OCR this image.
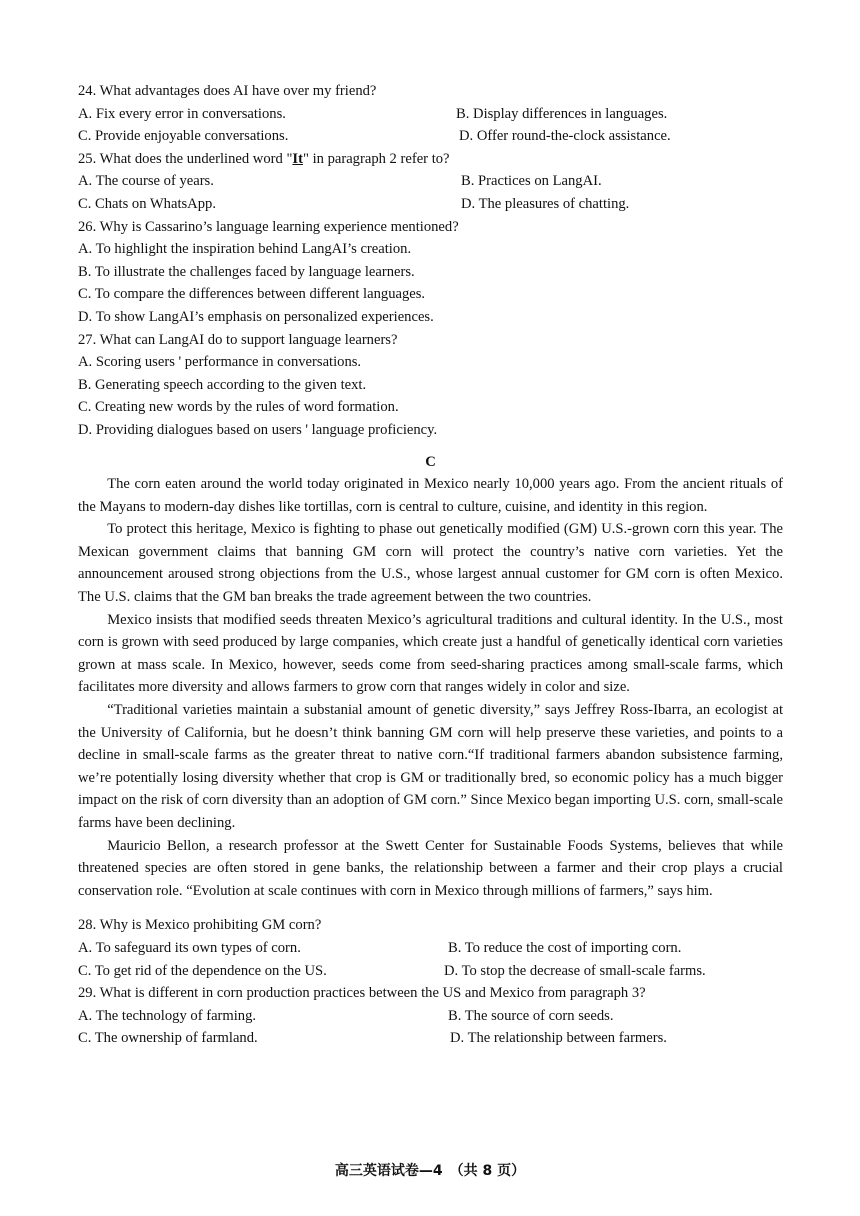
24. What advantages does AI have over my friend?
A. Fix every error in conversations.	B. Display differences in languages.
C. Provide enjoyable conversations.	D. Offer round-the-clock assistance.
25. What does the underlined word "It" in paragraph 2 refer to?
A. The course of years.	B. Practices on LangAI.
C. Chats on WhatsApp.	D. The pleasures of chatting.
26. Why is Cassarino’s language learning experience mentioned?
A. To highlight the inspiration behind LangAI’s creation.
B. To illustrate the challenges faced by language learners.
C. To compare the differences between different languages.
D. To show LangAI’s emphasis on personalized experiences.
27. What can LangAI do to support language learners?
A. Scoring users ' performance in conversations.
B. Generating speech according to the given text.
C. Creating new words by the rules of word formation.
D. Providing dialogues based on users ' language proficiency.
C

The corn eaten around the world today originated in Mexico nearly 10,000 years ago. From the ancient rituals of the Mayans to modern-day dishes like tortillas, corn is central to culture, cuisine, and identity in this region.

To protect this heritage, Mexico is fighting to phase out genetically modified (GM) U.S.-grown corn this year. The Mexican government claims that banning GM corn will protect the country’s native corn varieties. Yet the announcement aroused strong objections from the U.S., whose largest annual customer for GM corn is often Mexico. The U.S. claims that the GM ban breaks the trade agreement between the two countries.

Mexico insists that modified seeds threaten Mexico’s agricultural traditions and cultural identity. In the U.S., most corn is grown with seed produced by large companies, which create just a handful of genetically identical corn varieties grown at mass scale. In Mexico, however, seeds come from seed-sharing practices among small-scale farms, which facilitates more diversity and allows farmers to grow corn that ranges widely in color and size.

“Traditional varieties maintain a substanial amount of genetic diversity,” says Jeffrey Ross-Ibarra, an ecologist at the University of California, but he doesn’t think banning GM corn will help preserve these varieties, and points to a decline in small-scale farms as the greater threat to native corn.“If traditional farmers abandon subsistence farming, we’re potentially losing diversity whether that crop is GM or traditionally bred, so economic policy has a much bigger impact on the risk of corn diversity than an adoption of GM corn.” Since Mexico began importing U.S. corn, small-scale farms have been declining.

Mauricio Bellon, a research professor at the Swett Center for Sustainable Foods Systems, believes that while threatened species are often stored in gene banks, the relationship between a farmer and their crop plays a crucial conservation role. “Evolution at scale continues with corn in Mexico through millions of farmers,” says him.

28. Why is Mexico prohibiting GM corn?
A. To safeguard its own types of corn.	B. To reduce the cost of importing corn.
C. To get rid of the dependence on the US.	D. To stop the decrease of small-scale farms.
29. What is different in corn production practices between the US and Mexico from paragraph 3?
A. The technology of farming.	B. The source of corn seeds.
C. The ownership of farmland.	D. The relationship between farmers.
高三英语试卷—4　（共 8 页）
